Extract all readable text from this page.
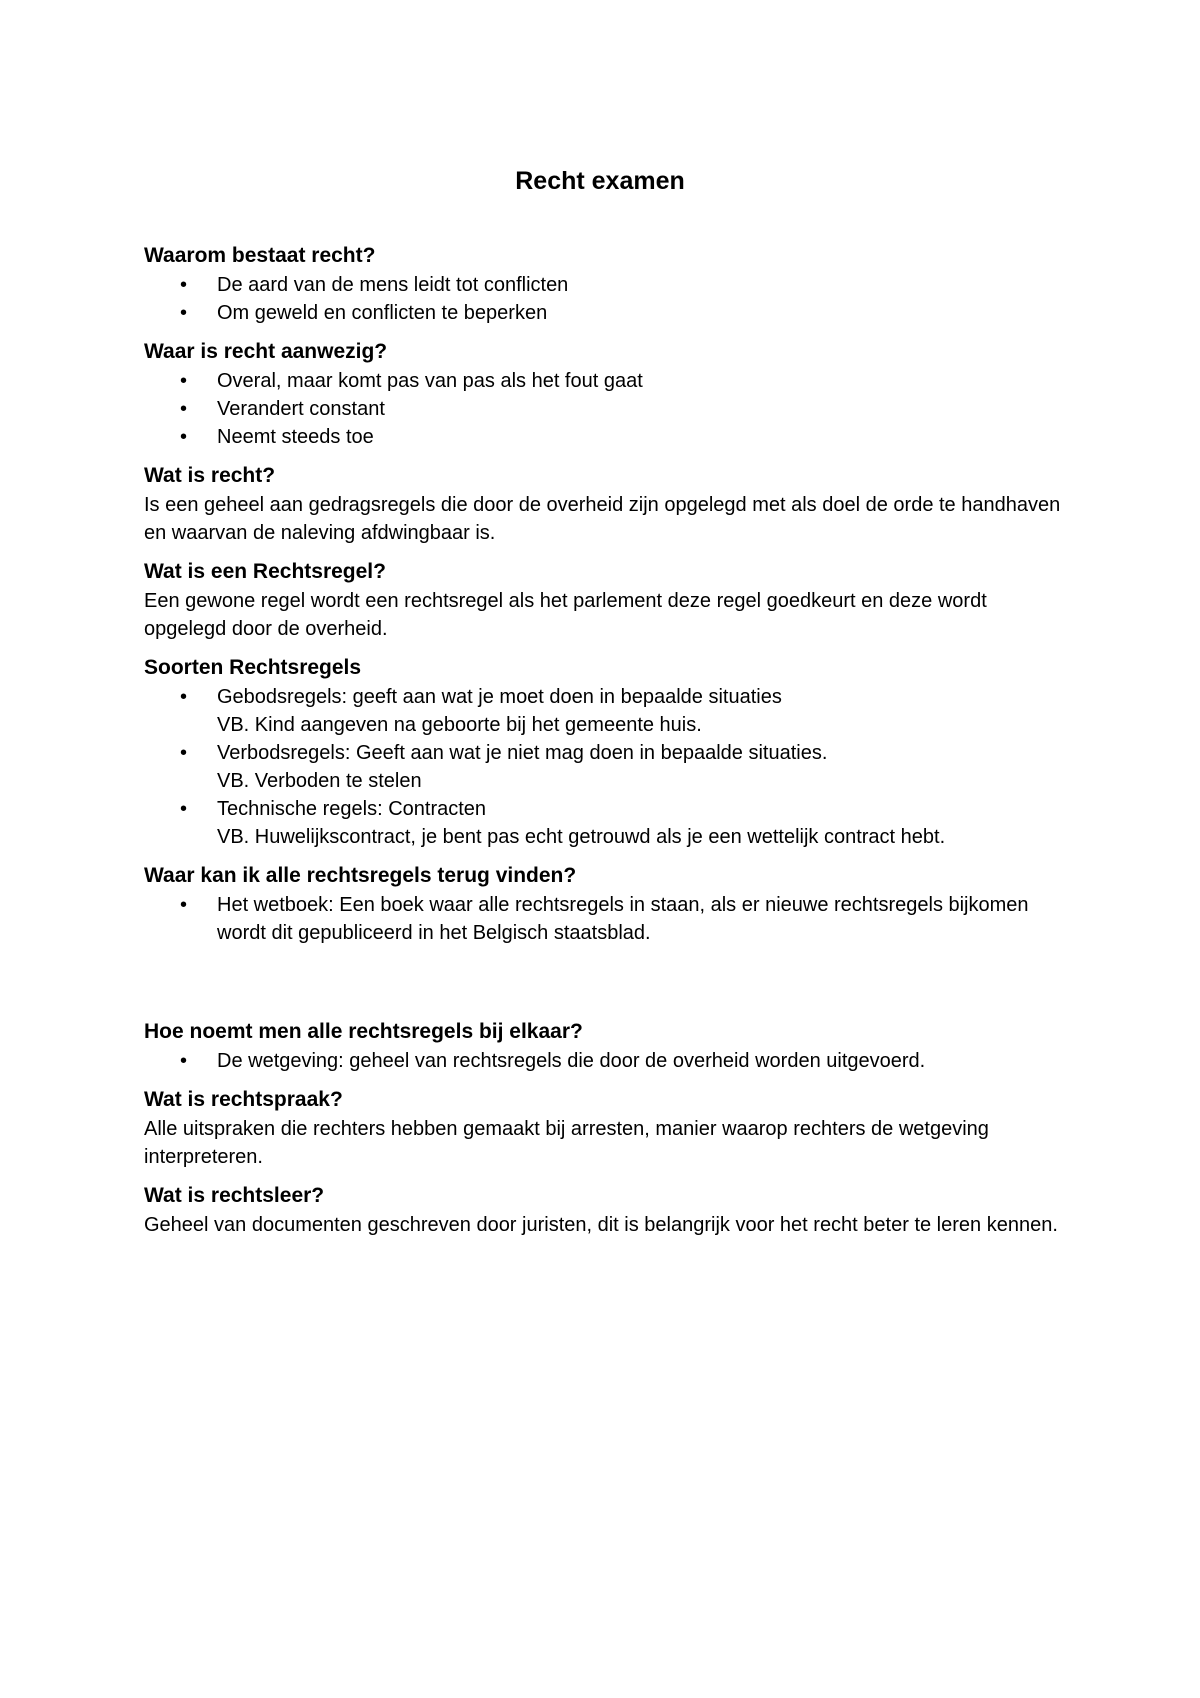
Recht examen
Waarom bestaat recht?
• De aard van de mens leidt tot conflicten
• Om geweld en conflicten te beperken
Waar is recht aanwezig?
• Overal, maar komt pas van pas als het fout gaat
• Verandert constant
• Neemt steeds toe
Wat is recht?

Is een geheel aan gedragsregels die door de overheid zijn opgelegd met als doel de orde te handhaven en waarvan de naleving afdwingbaar is.

Wat is een Rechtsregel?

Een gewone regel wordt een rechtsregel als het parlement deze regel goedkeurt en deze wordt opgelegd door de overheid.

Soorten Rechtsregels
• Gebodsregels: geeft aan wat je moet doen in bepaalde situaties
VB. Kind aangeven na geboorte bij het gemeente huis.
• Verbodsregels: Geeft aan wat je niet mag doen in bepaalde situaties.
VB. Verboden te stelen
• Technische regels: Contracten
VB. Huwelijkscontract, je bent pas echt getrouwd als je een wettelijk contract hebt.
Waar kan ik alle rechtsregels terug vinden?
• Het wetboek: Een boek waar alle rechtsregels in staan, als er nieuwe rechtsregels bijkomen wordt dit gepubliceerd in het Belgisch staatsblad.
Hoe noemt men alle rechtsregels bij elkaar?
• De wetgeving: geheel van rechtsregels die door de overheid worden uitgevoerd.
Wat is rechtspraak?

Alle uitspraken die rechters hebben gemaakt bij arresten, manier waarop rechters de wetgeving interpreteren.

Wat is rechtsleer?

Geheel van documenten geschreven door juristen, dit is belangrijk voor het recht beter te leren kennen.
